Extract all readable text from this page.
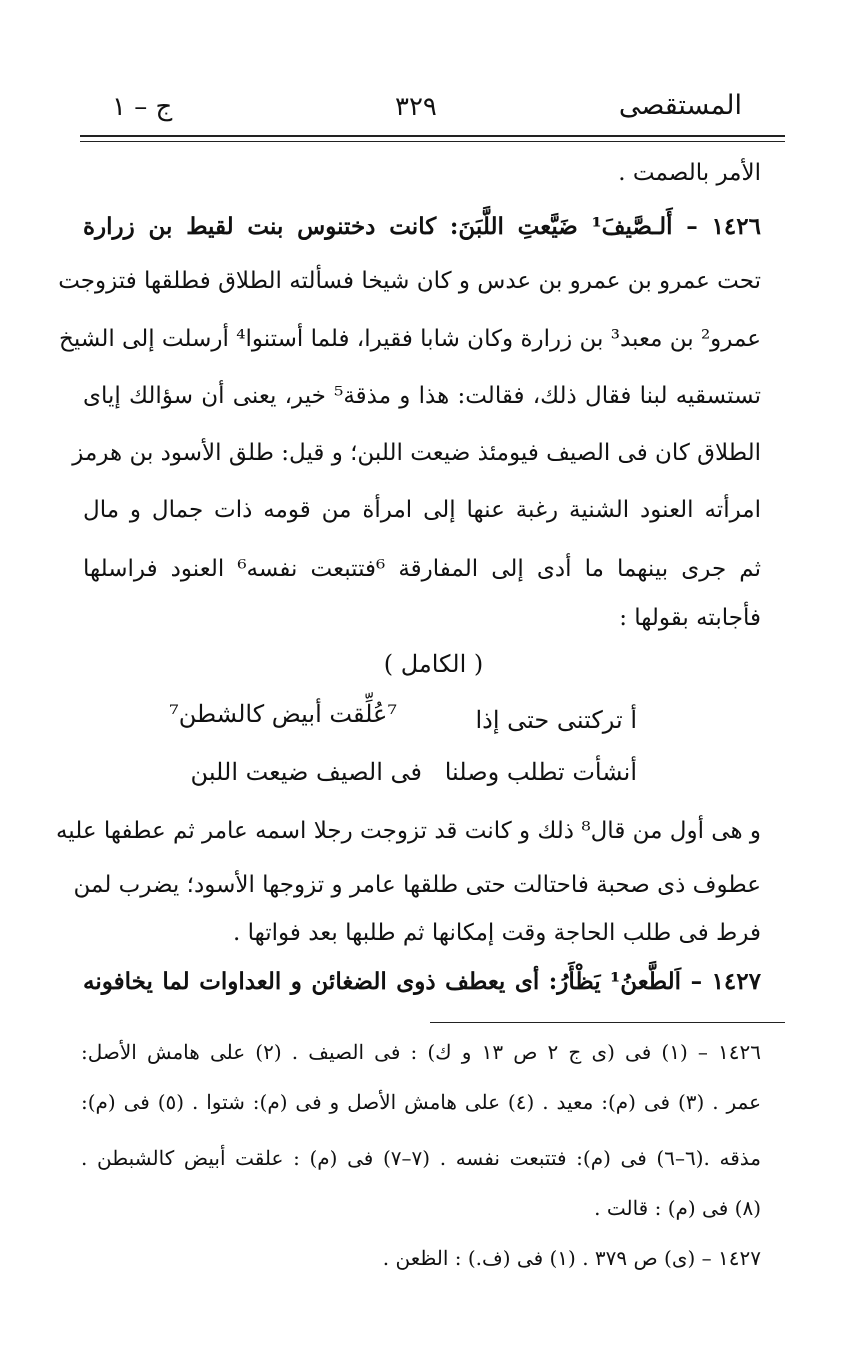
ج – ١	٣٢٩	المستقصى
الأمر بالصمت .
١٤٢٦ – أَلـصَّيفَ¹ ضَيَّعتِ اللَّبَنَ: كانت دختنوس بنت لقيط بن زرارة
تحت عمرو بن عمرو بن عدس و كان شيخا فسألته الطلاق فطلقها فتزوجت
عمرو² بن معبد³ بن زرارة وكان شابا فقيرا، فلما أستنوا⁴ أرسلت إلى الشيخ
تستسقيه لبنا فقال ذلك، فقالت: هذا و مذقة⁵ خير، يعنى أن سؤالك إياى
الطلاق كان فى الصيف فيومئذ ضيعت اللبن؛ و قيل: طلق الأسود بن هرمز
امرأته العنود الشنية رغبة عنها إلى امرأة من قومه ذات جمال و مال
ثم جرى بينهما ما أدى إلى المفارقة ⁶فتتبعت نفسه⁶ العنود فراسلها
فأجابته بقولها :
( الكامل )
أ تركتنى حتى إذا
⁷عُلِّقت أبيض كالشطن⁷
أنشأت تطلب وصلنا
فى الصيف ضيعت اللبن
و هى أول من قال⁸ ذلك و كانت قد تزوجت رجلا اسمه عامر ثم عطفها عليه
عطوف ذى صحبة فاحتالت حتى طلقها عامر و تزوجها الأسود؛ يضرب لمن
فرط فى طلب الحاجة وقت إمكانها ثم طلبها بعد فواتها .
١٤٢٧ – اَلطَّعنُ¹ يَظْأَرُ: أى يعطف ذوى الضغائن و العداوات لما يخافونه
١٤٢٦ – (١) فى (ى ج ٢ ص ١٣ و ك) : فى الصيف . (٢) على هامش الأصل:
عمر . (٣) فى (م): معيد . (٤) على هامش الأصل و فى (م): شتوا . (٥) فى (م):
مذقه .(٦–٦) فى (م): فتتبعت نفسه . (٧–٧) فى (م) : علقت أبيض كالشبطن .
(٨) فى (م) : قالت .
١٤٢٧ – (ى) ص ٣٧٩ . (١) فى (ف.) : الظعن .
